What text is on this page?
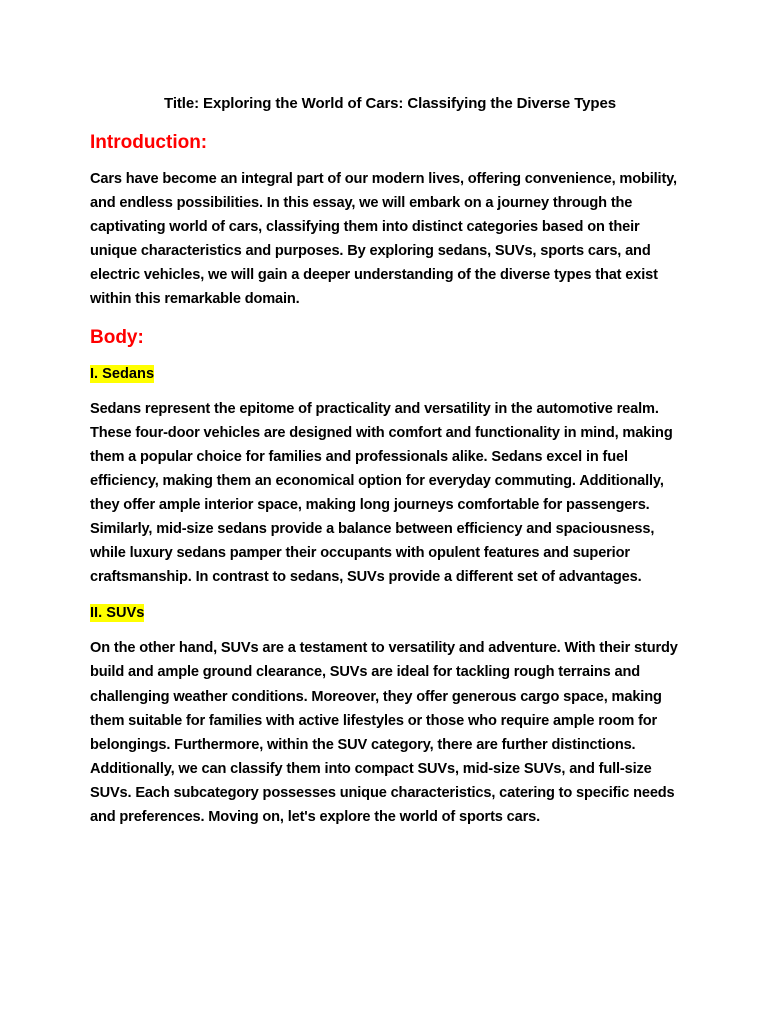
Title: Exploring the World of Cars: Classifying the Diverse Types
Introduction:

Cars have become an integral part of our modern lives, offering convenience, mobility, and endless possibilities. In this essay, we will embark on a journey through the captivating world of cars, classifying them into distinct categories based on their unique characteristics and purposes. By exploring sedans, SUVs, sports cars, and electric vehicles, we will gain a deeper understanding of the diverse types that exist within this remarkable domain.

Body:
I. Sedans

Sedans represent the epitome of practicality and versatility in the automotive realm. These four-door vehicles are designed with comfort and functionality in mind, making them a popular choice for families and professionals alike. Sedans excel in fuel efficiency, making them an economical option for everyday commuting. Additionally, they offer ample interior space, making long journeys comfortable for passengers. Similarly, mid-size sedans provide a balance between efficiency and spaciousness, while luxury sedans pamper their occupants with opulent features and superior craftsmanship. In contrast to sedans, SUVs provide a different set of advantages.

II. SUVs

On the other hand, SUVs are a testament to versatility and adventure. With their sturdy build and ample ground clearance, SUVs are ideal for tackling rough terrains and challenging weather conditions. Moreover, they offer generous cargo space, making them suitable for families with active lifestyles or those who require ample room for belongings. Furthermore, within the SUV category, there are further distinctions. Additionally, we can classify them into compact SUVs, mid-size SUVs, and full-size SUVs. Each subcategory possesses unique characteristics, catering to specific needs and preferences. Moving on, let's explore the world of sports cars.
